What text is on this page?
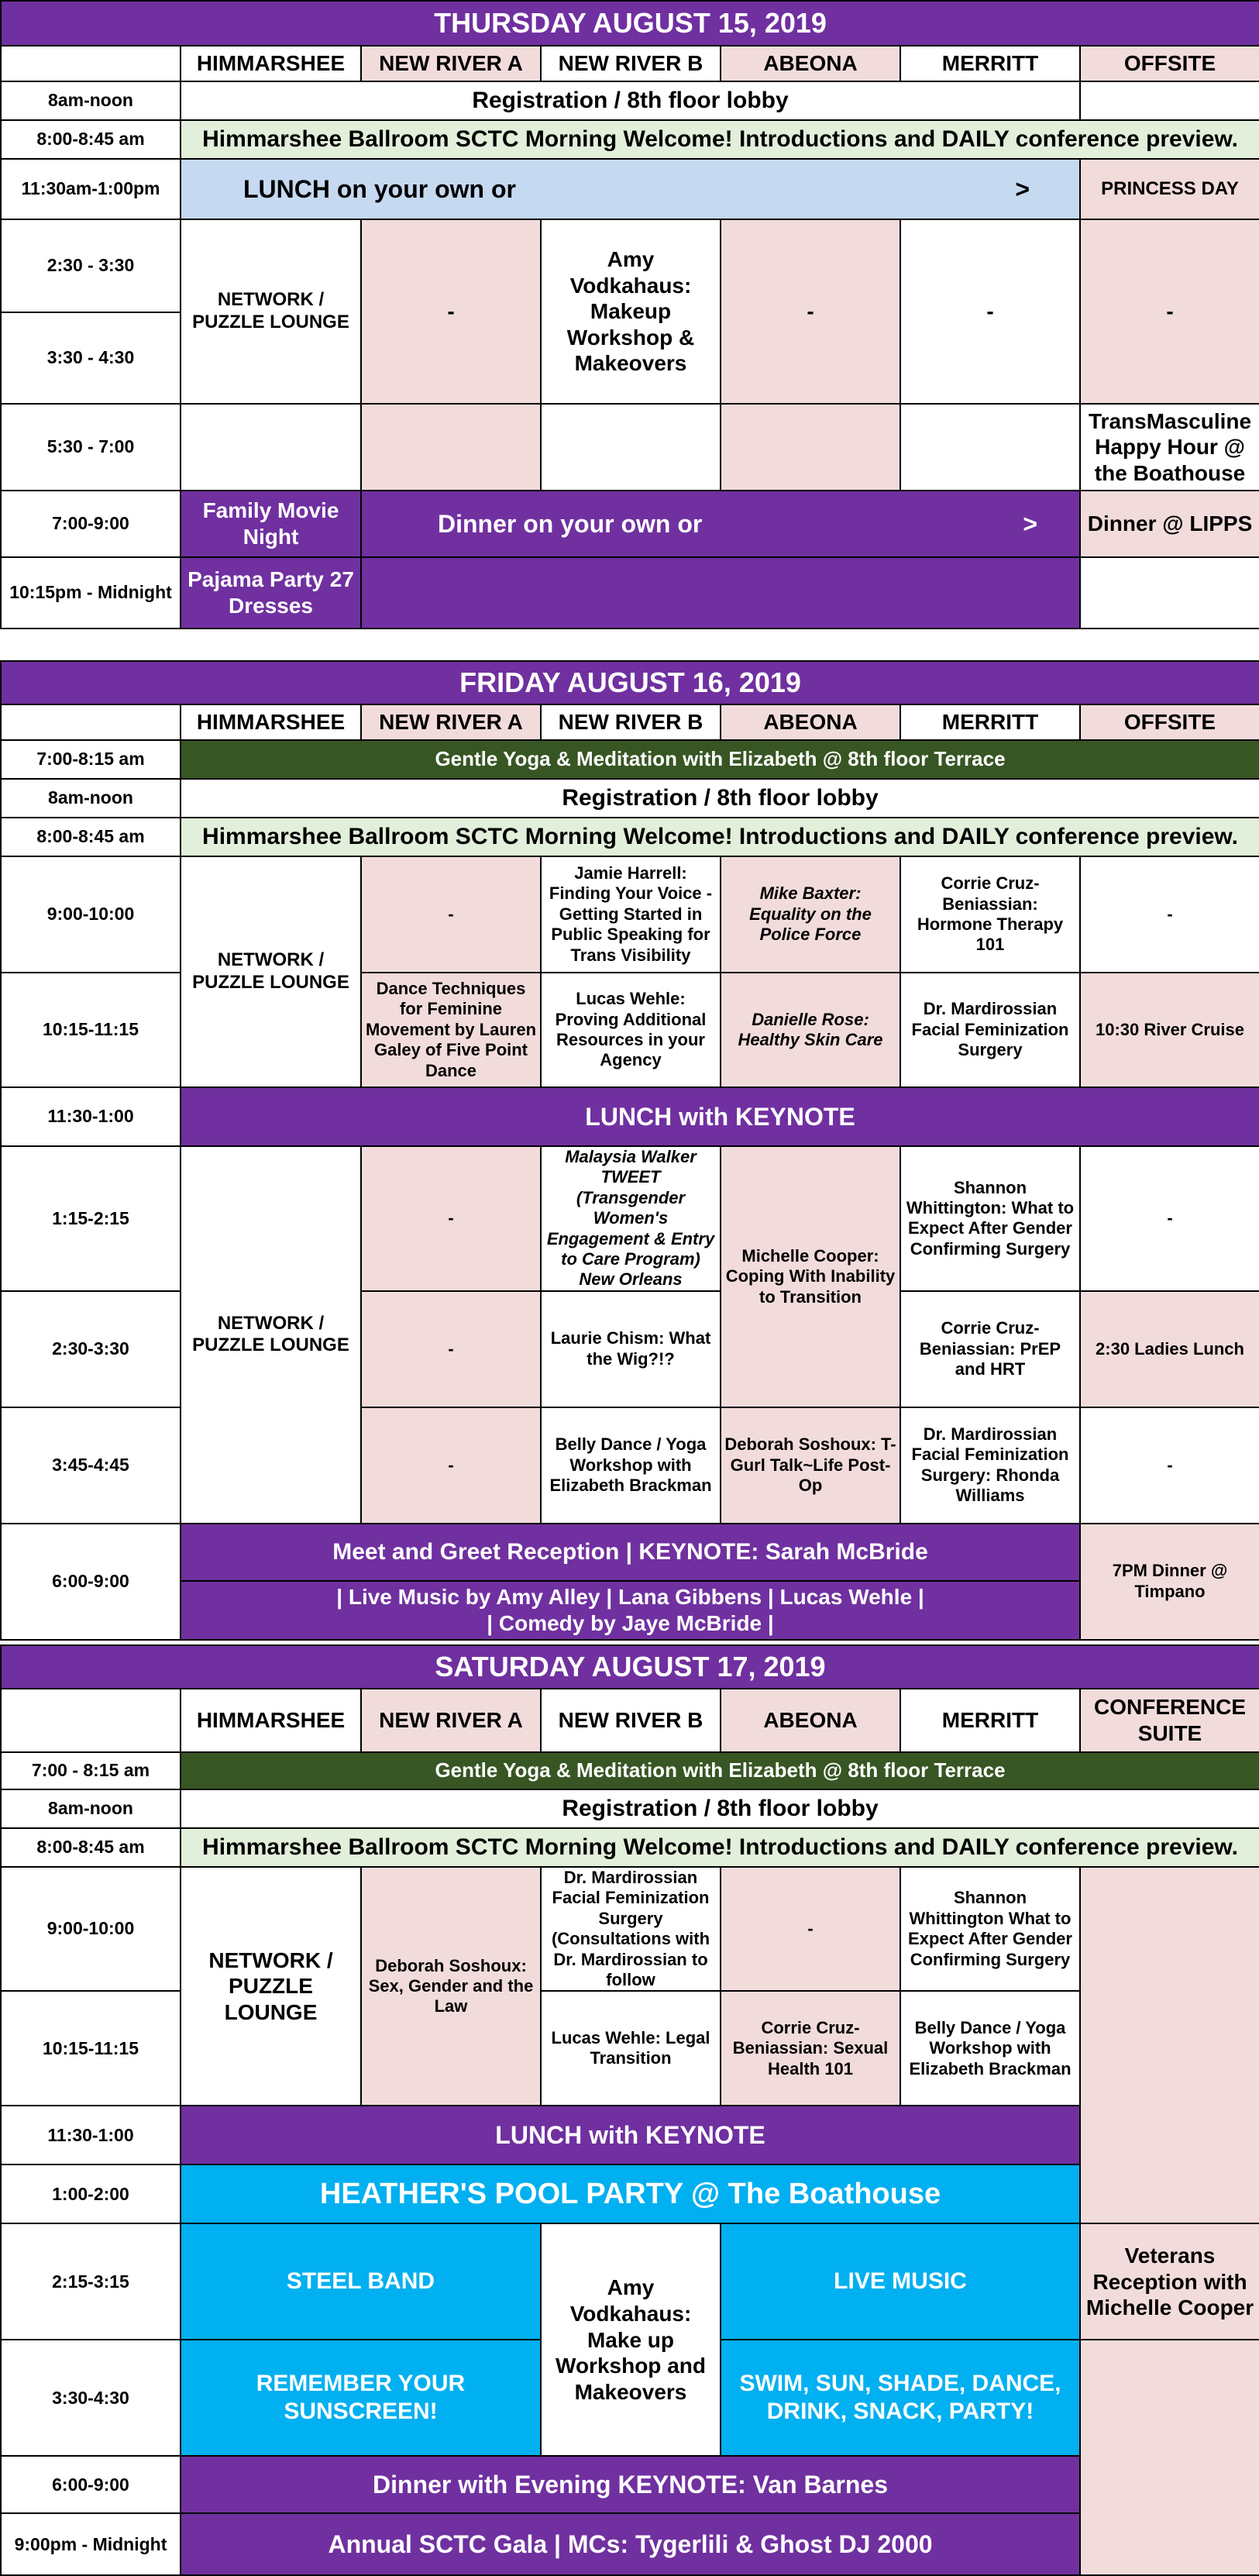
THURSDAY AUGUST 15, 2019						
	HIMMARSHEE	NEW RIVER A	NEW RIVER B	ABEONA	MERRITT	OFFSITE
8am-noon	Registration / 8th floor lobby					
8:00-8:45 am	Himmarshee Ballroom SCTC Morning Welcome! Introductions and DAILY conference preview.					
11:30am-1:00pm	LUNCH on your own or >					PRINCESS DAY
2:30 - 3:30	NETWORK / PUZZLE LOUNGE	-	Amy Vodkahaus: Makeup Workshop & Makeovers	-	-	-
3:30 - 4:30						
5:30 - 7:00						TransMasculine Happy Hour @ the Boathouse
7:00-9:00	Family Movie Night	Dinner on your own or >				Dinner @ LIPPS
10:15pm - Midnight	Pajama Party 27 Dresses					
FRIDAY AUGUST 16, 2019						
	HIMMARSHEE	NEW RIVER A	NEW RIVER B	ABEONA	MERRITT	OFFSITE
7:00-8:15 am	Gentle Yoga & Meditation with Elizabeth @ 8th floor Terrace					
8am-noon	Registration / 8th floor lobby					
8:00-8:45 am	Himmarshee Ballroom SCTC Morning Welcome! Introductions and DAILY conference preview.					
9:00-10:00	NETWORK / PUZZLE LOUNGE	-	Jamie Harrell: Finding Your Voice - Getting Started in Public Speaking for Trans Visibility	Mike Baxter: Equality on the Police Force	Corrie Cruz-Beniassian: Hormone Therapy 101	-
10:15-11:15		Dance Techniques for Feminine Movement by Lauren Galey of Five Point Dance	Lucas Wehle: Proving Additional Resources in your Agency	Danielle Rose: Healthy Skin Care	Dr. Mardirossian Facial Feminization Surgery	10:30 River Cruise
11:30-1:00	LUNCH with KEYNOTE					
1:15-2:15	NETWORK / PUZZLE LOUNGE	-	Malaysia Walker TWEET (Transgender Women's Engagement & Entry to Care Program) New Orleans	Michelle Cooper: Coping With Inability to Transition	Shannon Whittington: What to Expect After Gender Confirming Surgery	-
2:30-3:30		-	Laurie Chism: What the Wig?!?		Corrie Cruz-Beniassian: PrEP and HRT	2:30 Ladies Lunch
3:45-4:45		-	Belly Dance / Yoga Workshop with Elizabeth Brackman	Deborah Soshoux: T-Gurl Talk~Life Post-Op	Dr. Mardirossian Facial Feminization Surgery: Rhonda Williams	-
6:00-9:00	Meet and Greet Reception | KEYNOTE: Sarah McBride					7PM Dinner @ Timpano

	| Live Music by Amy Alley | Lana Gibbens | Lucas Wehle |
| Comedy by Jaye McBride |					
SATURDAY AUGUST 17, 2019						
	HIMMARSHEE	NEW RIVER A	NEW RIVER B	ABEONA	MERRITT	CONFERENCE SUITE
7:00 - 8:15 am	Gentle Yoga & Meditation with Elizabeth @ 8th floor Terrace					
8am-noon	Registration / 8th floor lobby					
8:00-8:45 am	Himmarshee Ballroom SCTC Morning Welcome! Introductions and DAILY conference preview.					
9:00-10:00	NETWORK / PUZZLE LOUNGE	Deborah Soshoux: Sex, Gender and the Law	Dr. Mardirossian Facial Feminization Surgery (Consultations with Dr. Mardirossian to follow	-	Shannon Whittington What to Expect After Gender Confirming Surgery	
10:15-11:15			Lucas Wehle: Legal Transition	Corrie Cruz-Beniassian: Sexual Health 101	Belly Dance / Yoga Workshop with Elizabeth Brackman	
11:30-1:00	LUNCH with KEYNOTE					
1:00-2:00	HEATHER'S POOL PARTY @ The Boathouse					
2:15-3:15	STEEL BAND		Amy Vodkahaus: Make up Workshop and Makeovers	LIVE MUSIC		Veterans Reception with Michelle Cooper
3:30-4:30	REMEMBER YOUR SUNSCREEN!			SWIM, SUN, SHADE, DANCE, DRINK, SNACK, PARTY!		
6:00-9:00	Dinner with Evening KEYNOTE: Van Barnes					
9:00pm - Midnight	Annual SCTC Gala | MCs: Tygerlili & Ghost DJ 2000					
